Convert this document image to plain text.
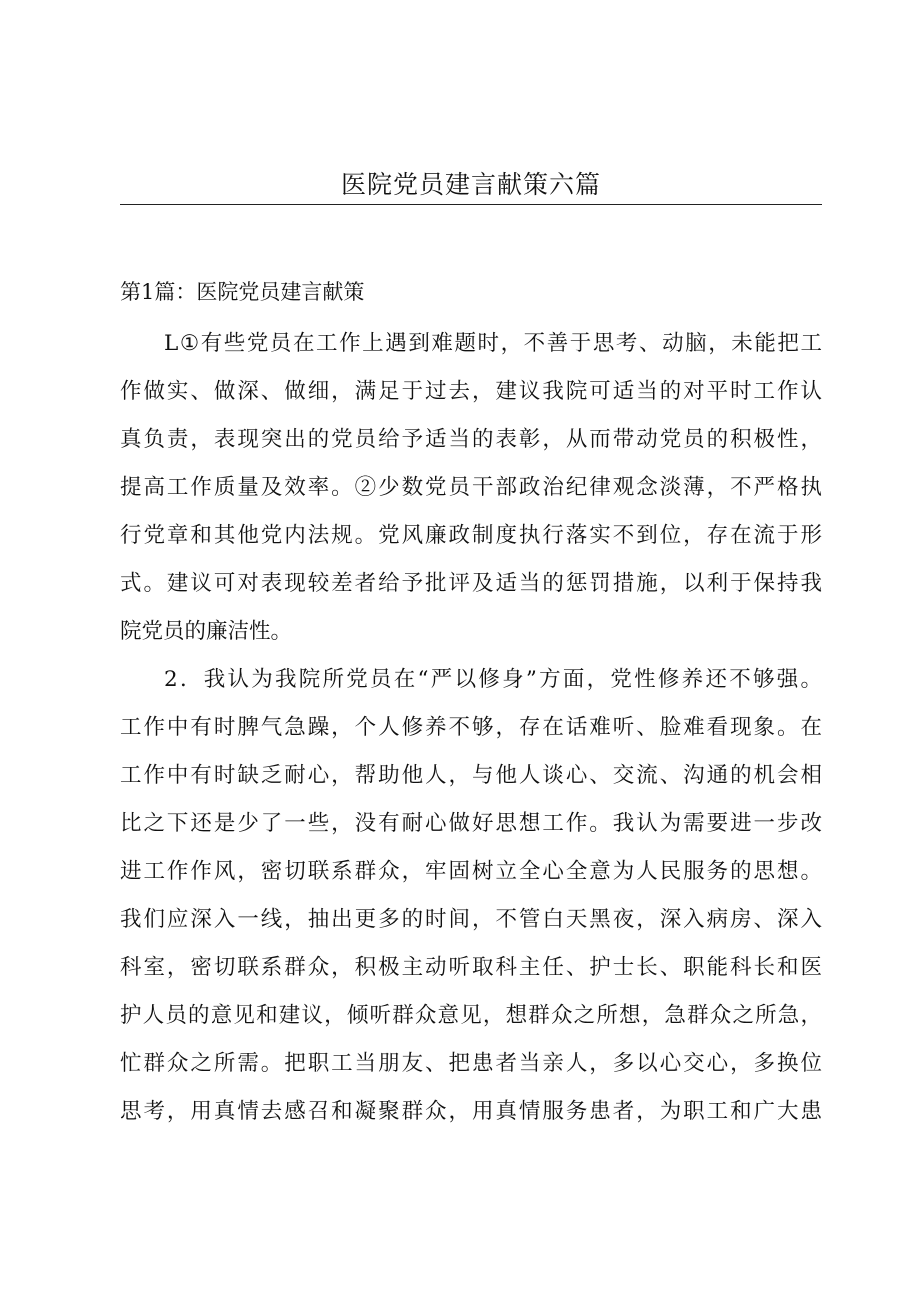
医院党员建言献策六篇
第1篇：医院党员建言献策
L①有些党员在工作上遇到难题时，不善于思考、动脑，未能把工
作做实、做深、做细，满足于过去，建议我院可适当的对平时工作认
真负责，表现突出的党员给予适当的表彰，从而带动党员的积极性，
提高工作质量及效率。②少数党员干部政治纪律观念淡薄，不严格执
行党章和其他党内法规。党风廉政制度执行落实不到位，存在流于形
式。建议可对表现较差者给予批评及适当的惩罚措施，以利于保持我
院党员的廉洁性。
2．我认为我院所党员在“严以修身”方面，党性修养还不够强。
工作中有时脾气急躁，个人修养不够，存在话难听、脸难看现象。在
工作中有时缺乏耐心，帮助他人，与他人谈心、交流、沟通的机会相
比之下还是少了一些，没有耐心做好思想工作。我认为需要进一步改
进工作作风，密切联系群众，牢固树立全心全意为人民服务的思想。
我们应深入一线，抽出更多的时间，不管白天黑夜，深入病房、深入
科室，密切联系群众，积极主动听取科主任、护士长、职能科长和医
护人员的意见和建议，倾听群众意见，想群众之所想，急群众之所急，
忙群众之所需。把职工当朋友、把患者当亲人，多以心交心，多换位
思考，用真情去感召和凝聚群众，用真情服务患者，为职工和广大患
